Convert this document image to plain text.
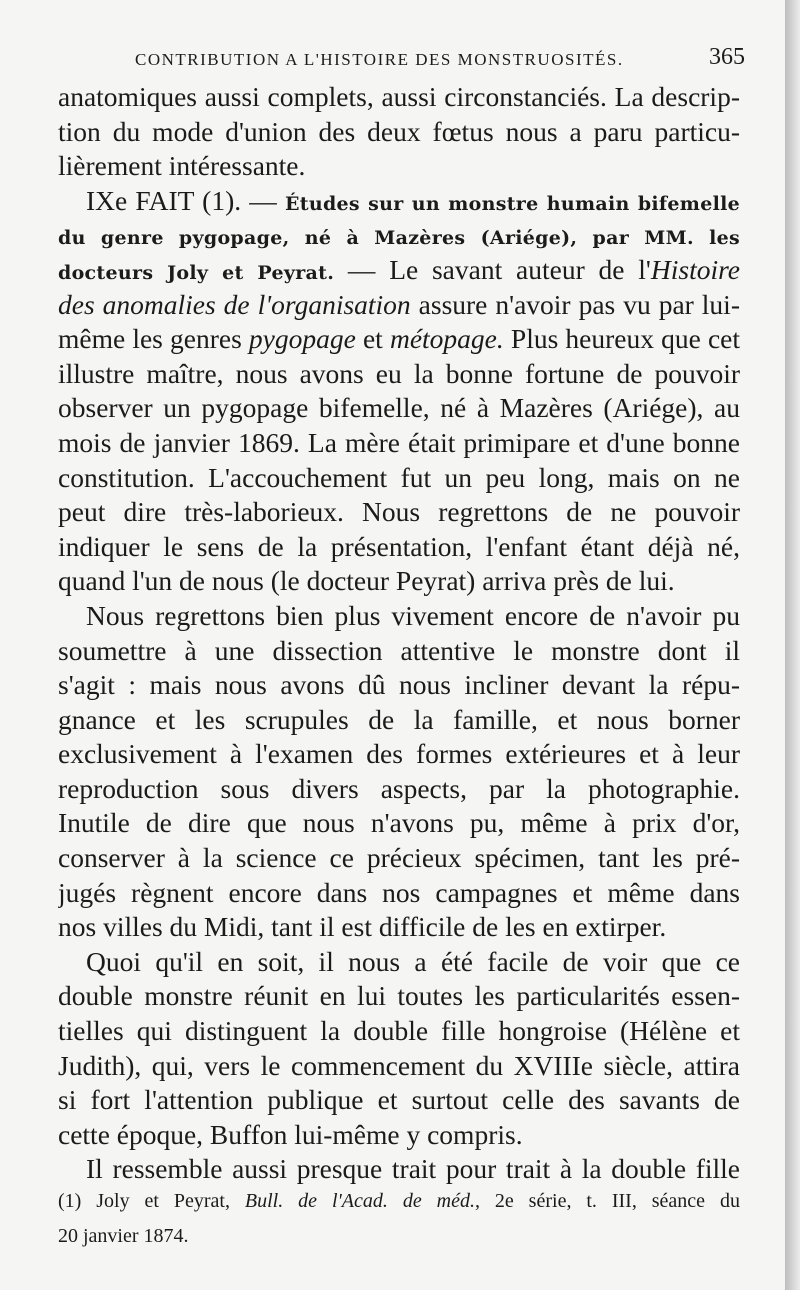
CONTRIBUTION A L'HISTOIRE DES MONSTRUOSITÉS.	365
anatomiques aussi complets, aussi circonstanciés. La descrip-
tion du mode d'union des deux fœtus nous a paru particu-
lièrement intéressante.
IXe FAIT (1). — Études sur un monstre humain bifemelle
du genre pygopage, né à Mazères (Ariége), par MM. les
docteurs Joly et Peyrat. — Le savant auteur de l'Histoire
des anomalies de l'organisation assure n'avoir pas vu par lui-
même les genres pygopage et métopage. Plus heureux que cet
illustre maître, nous avons eu la bonne fortune de pouvoir
observer un pygopage bifemelle, né à Mazères (Ariége), au
mois de janvier 1869. La mère était primipare et d'une bonne
constitution. L'accouchement fut un peu long, mais on ne
peut dire très-laborieux. Nous regrettons de ne pouvoir
indiquer le sens de la présentation, l'enfant étant déjà né,
quand l'un de nous (le docteur Peyrat) arriva près de lui.
Nous regrettons bien plus vivement encore de n'avoir pu
soumettre à une dissection attentive le monstre dont il
s'agit : mais nous avons dû nous incliner devant la répu-
gnance et les scrupules de la famille, et nous borner
exclusivement à l'examen des formes extérieures et à leur
reproduction sous divers aspects, par la photographie.
Inutile de dire que nous n'avons pu, même à prix d'or,
conserver à la science ce précieux spécimen, tant les pré-
jugés règnent encore dans nos campagnes et même dans
nos villes du Midi, tant il est difficile de les en extirper.
Quoi qu'il en soit, il nous a été facile de voir que ce
double monstre réunit en lui toutes les particularités essen-
tielles qui distinguent la double fille hongroise (Hélène et
Judith), qui, vers le commencement du XVIIIe siècle, attira
si fort l'attention publique et surtout celle des savants de
cette époque, Buffon lui-même y compris.
Il ressemble aussi presque trait pour trait à la double fille
(1) Joly et Peyrat, Bull. de l'Acad. de méd., 2e série, t. III, séance du
20 janvier 1874.
